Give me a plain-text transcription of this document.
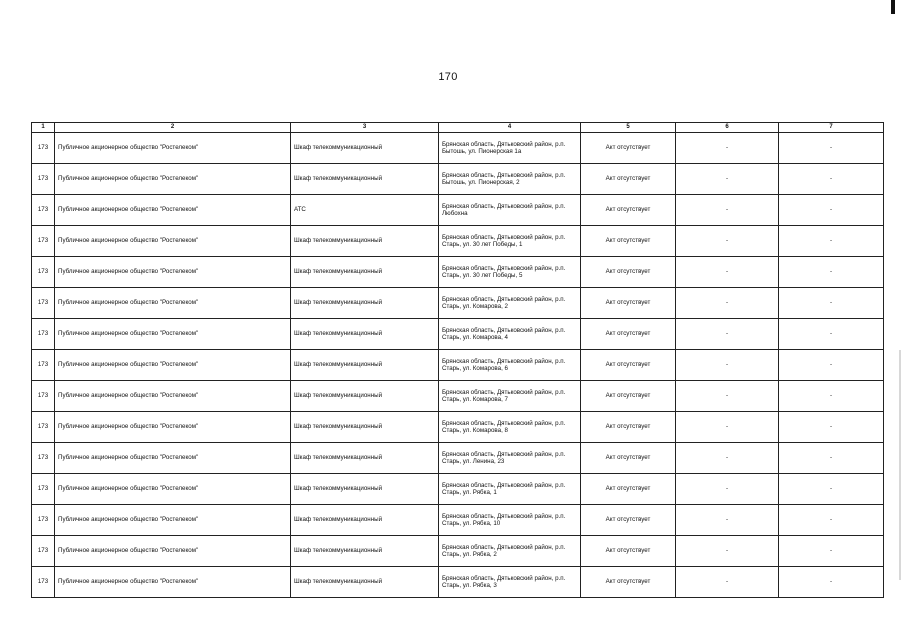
170
1	2	3	4	5	6	7
173	Публичное акционерное общество "Ростелеком"	Шкаф телекоммуникационный	Брянская область, Дятьковский район, р.п. Бытошь, ул. Пионерская 1а	Акт отсутствует	-	-
173	Публичное акционерное общество "Ростелеком"	Шкаф телекоммуникационный	Брянская область, Дятьковский район, р.п. Бытошь, ул. Пионерская, 2	Акт отсутствует	-	-
173	Публичное акционерное общество "Ростелеком"	АТС	Брянская область, Дятьковский район, р.п. Любохна	Акт отсутствует	-	-
173	Публичное акционерное общество "Ростелеком"	Шкаф телекоммуникационный	Брянская область, Дятьковский район, р.п. Старь, ул. 30 лет Победы, 1	Акт отсутствует	-	-
173	Публичное акционерное общество "Ростелеком"	Шкаф телекоммуникационный	Брянская область, Дятьковский район, р.п. Старь, ул. 30 лет Победы, 5	Акт отсутствует	-	-
173	Публичное акционерное общество "Ростелеком"	Шкаф телекоммуникационный	Брянская область, Дятьковский район, р.п. Старь, ул. Комарова, 2	Акт отсутствует	-	-
173	Публичное акционерное общество "Ростелеком"	Шкаф телекоммуникационный	Брянская область, Дятьковский район, р.п. Старь, ул. Комарова, 4	Акт отсутствует	-	-
173	Публичное акционерное общество "Ростелеком"	Шкаф телекоммуникационный	Брянская область, Дятьковский район, р.п. Старь, ул. Комарова, 6	Акт отсутствует	-	-
173	Публичное акционерное общество "Ростелеком"	Шкаф телекоммуникационный	Брянская область, Дятьковский район, р.п. Старь, ул. Комарова, 7	Акт отсутствует	-	-
173	Публичное акционерное общество "Ростелеком"	Шкаф телекоммуникационный	Брянская область, Дятьковский район, р.п. Старь, ул. Комарова, 8	Акт отсутствует	-	-
173	Публичное акционерное общество "Ростелеком"	Шкаф телекоммуникационный	Брянская область, Дятьковский район, р.п. Старь, ул. Ленина, 23	Акт отсутствует	-	-
173	Публичное акционерное общество "Ростелеком"	Шкаф телекоммуникационный	Брянская область, Дятьковский район, р.п. Старь, ул. Рябка, 1	Акт отсутствует	-	-
173	Публичное акционерное общество "Ростелеком"	Шкаф телекоммуникационный	Брянская область, Дятьковский район, р.п. Старь, ул. Рябка, 10	Акт отсутствует	-	-
173	Публичное акционерное общество "Ростелеком"	Шкаф телекоммуникационный	Брянская область, Дятьковский район, р.п. Старь, ул. Рябка, 2	Акт отсутствует	-	-
173	Публичное акционерное общество "Ростелеком"	Шкаф телекоммуникационный	Брянская область, Дятьковский район, р.п. Старь, ул. Рябка, 3	Акт отсутствует	-	-
